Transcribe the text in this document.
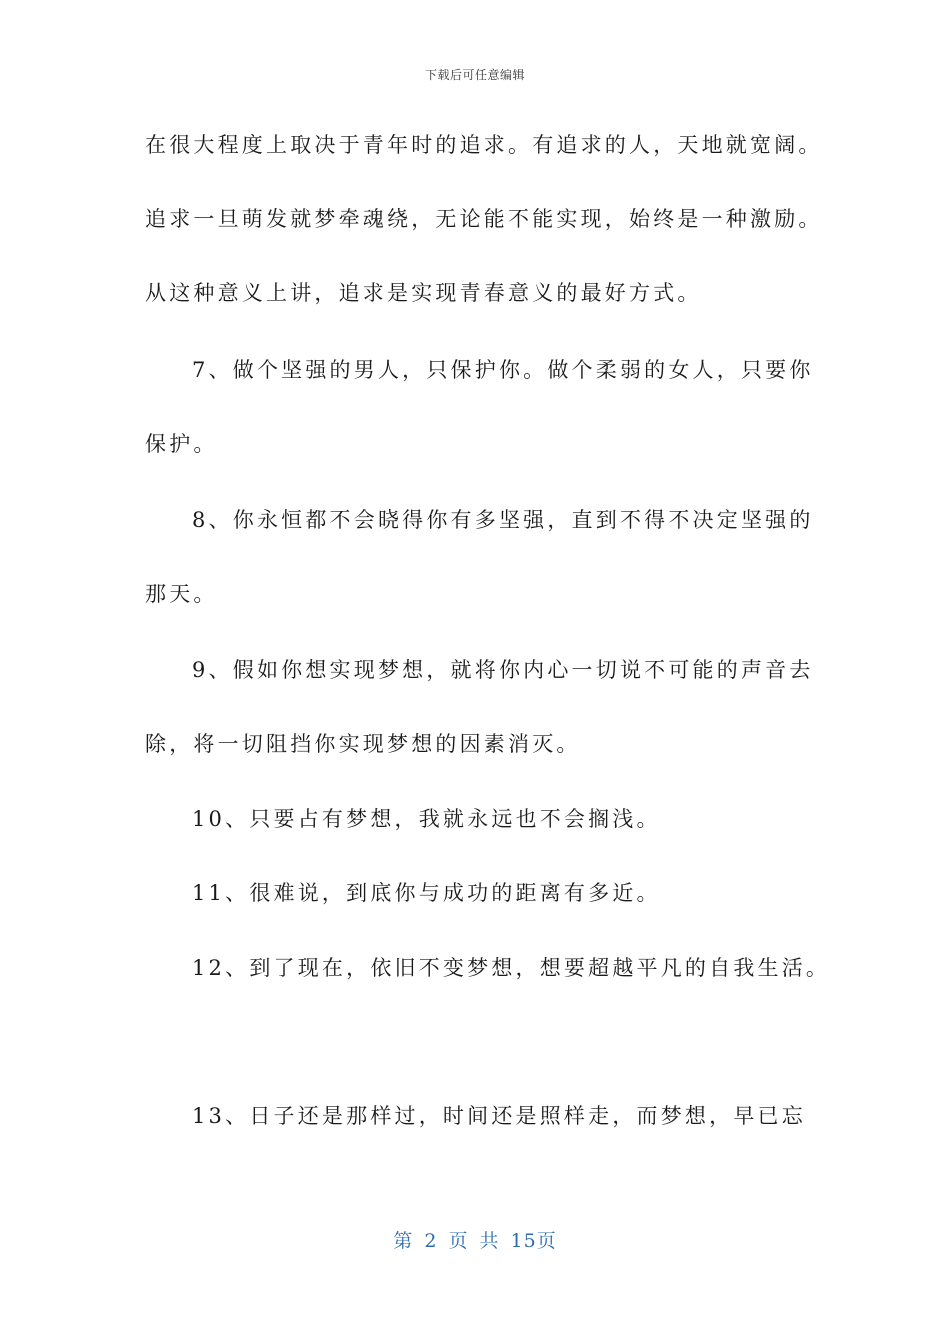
下载后可任意编辑
在很大程度上取决于青年时的追求。有追求的人，天地就宽阔。
追求一旦萌发就梦牵魂绕，无论能不能实现，始终是一种激励。
从这种意义上讲，追求是实现青春意义的最好方式。
7、做个坚强的男人，只保护你。做个柔弱的女人，只要你
保护。
8、你永恒都不会晓得你有多坚强，直到不得不决定坚强的
那天。
9、假如你想实现梦想，就将你内心一切说不可能的声音去
除，将一切阻挡你实现梦想的因素消灭。
10、只要占有梦想，我就永远也不会搁浅。
11、很难说，到底你与成功的距离有多近。
12、到了现在，依旧不变梦想，想要超越平凡的自我生活。
13、日子还是那样过，时间还是照样走，而梦想，早已忘
第 2 页 共 15页
